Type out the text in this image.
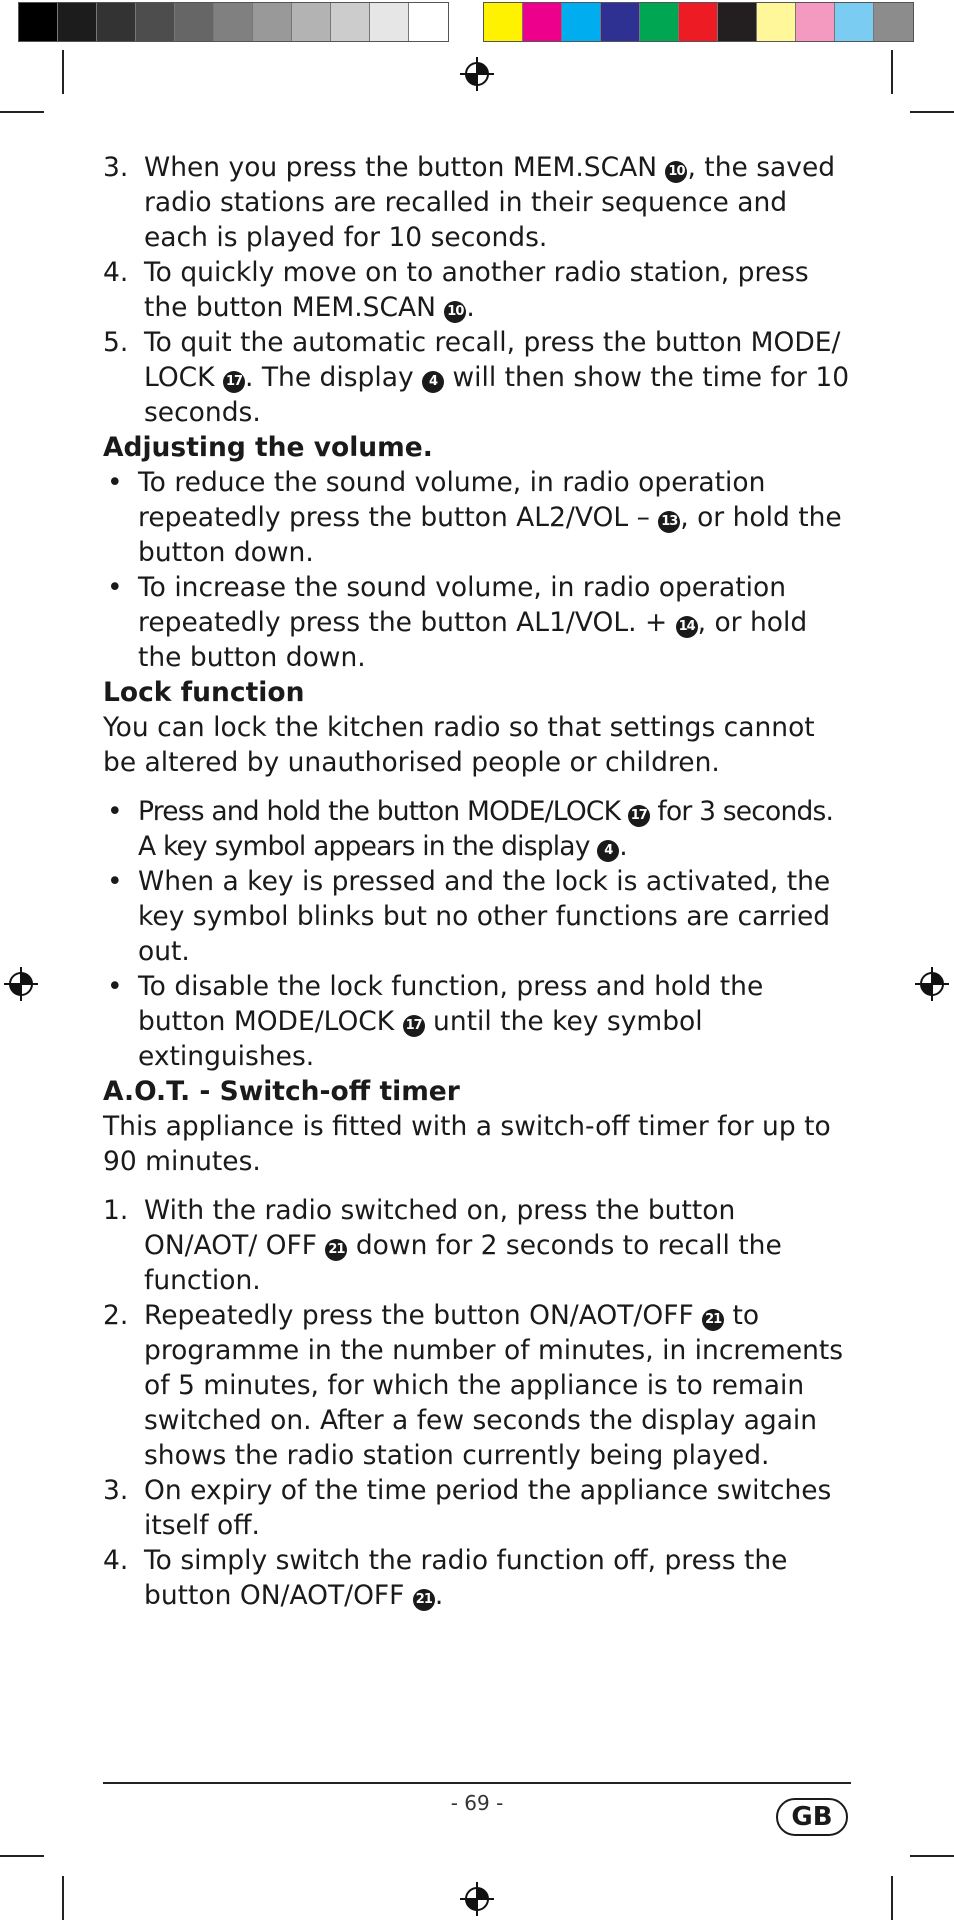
3. When you press the button MEM.SCAN 10 , the saved radio stations are recalled in their sequence and each is played for 10 seconds.
4. To quickly move on to another radio station, press the button MEM.SCAN 10 .
5. To quit the automatic recall, press the button MODE/ LOCK 17 . The display 4 will then show the time for 10 seconds.

Adjusting the volume.

• To reduce the sound volume, in radio operation repeatedly press the button AL2/VOL – 13 , or hold the button down.
• To increase the sound volume, in radio operation repeatedly press the button AL1/VOL. + 14 , or hold the button down.

Lock function

You can lock the kitchen radio so that settings cannot be altered by unauthorised people or children.

• Press and hold the button MODE/LOCK 17 for 3 seconds. A key symbol appears in the display 4 .
• When a key is pressed and the lock is activated, the key symbol blinks but no other functions are carried out.
• To disable the lock function, press and hold the button MODE/LOCK 17 until the key symbol extinguishes.

A.O.T. - Switch-off timer

This appliance is fitted with a switch-off timer for up to 90 minutes.

1. With the radio switched on, press the button ON/AOT/ OFF 21 down for 2 seconds to recall the function.
2. Repeatedly press the button ON/AOT/OFF 21 to programme in the number of minutes, in increments of 5 minutes, for which the appliance is to remain switched on. After a few seconds the display again shows the radio station currently being played.
3. On expiry of the time period the appliance switches itself off.
4. To simply switch the radio function off, press the button ON/AOT/OFF 21 .
- 69 -	GB
